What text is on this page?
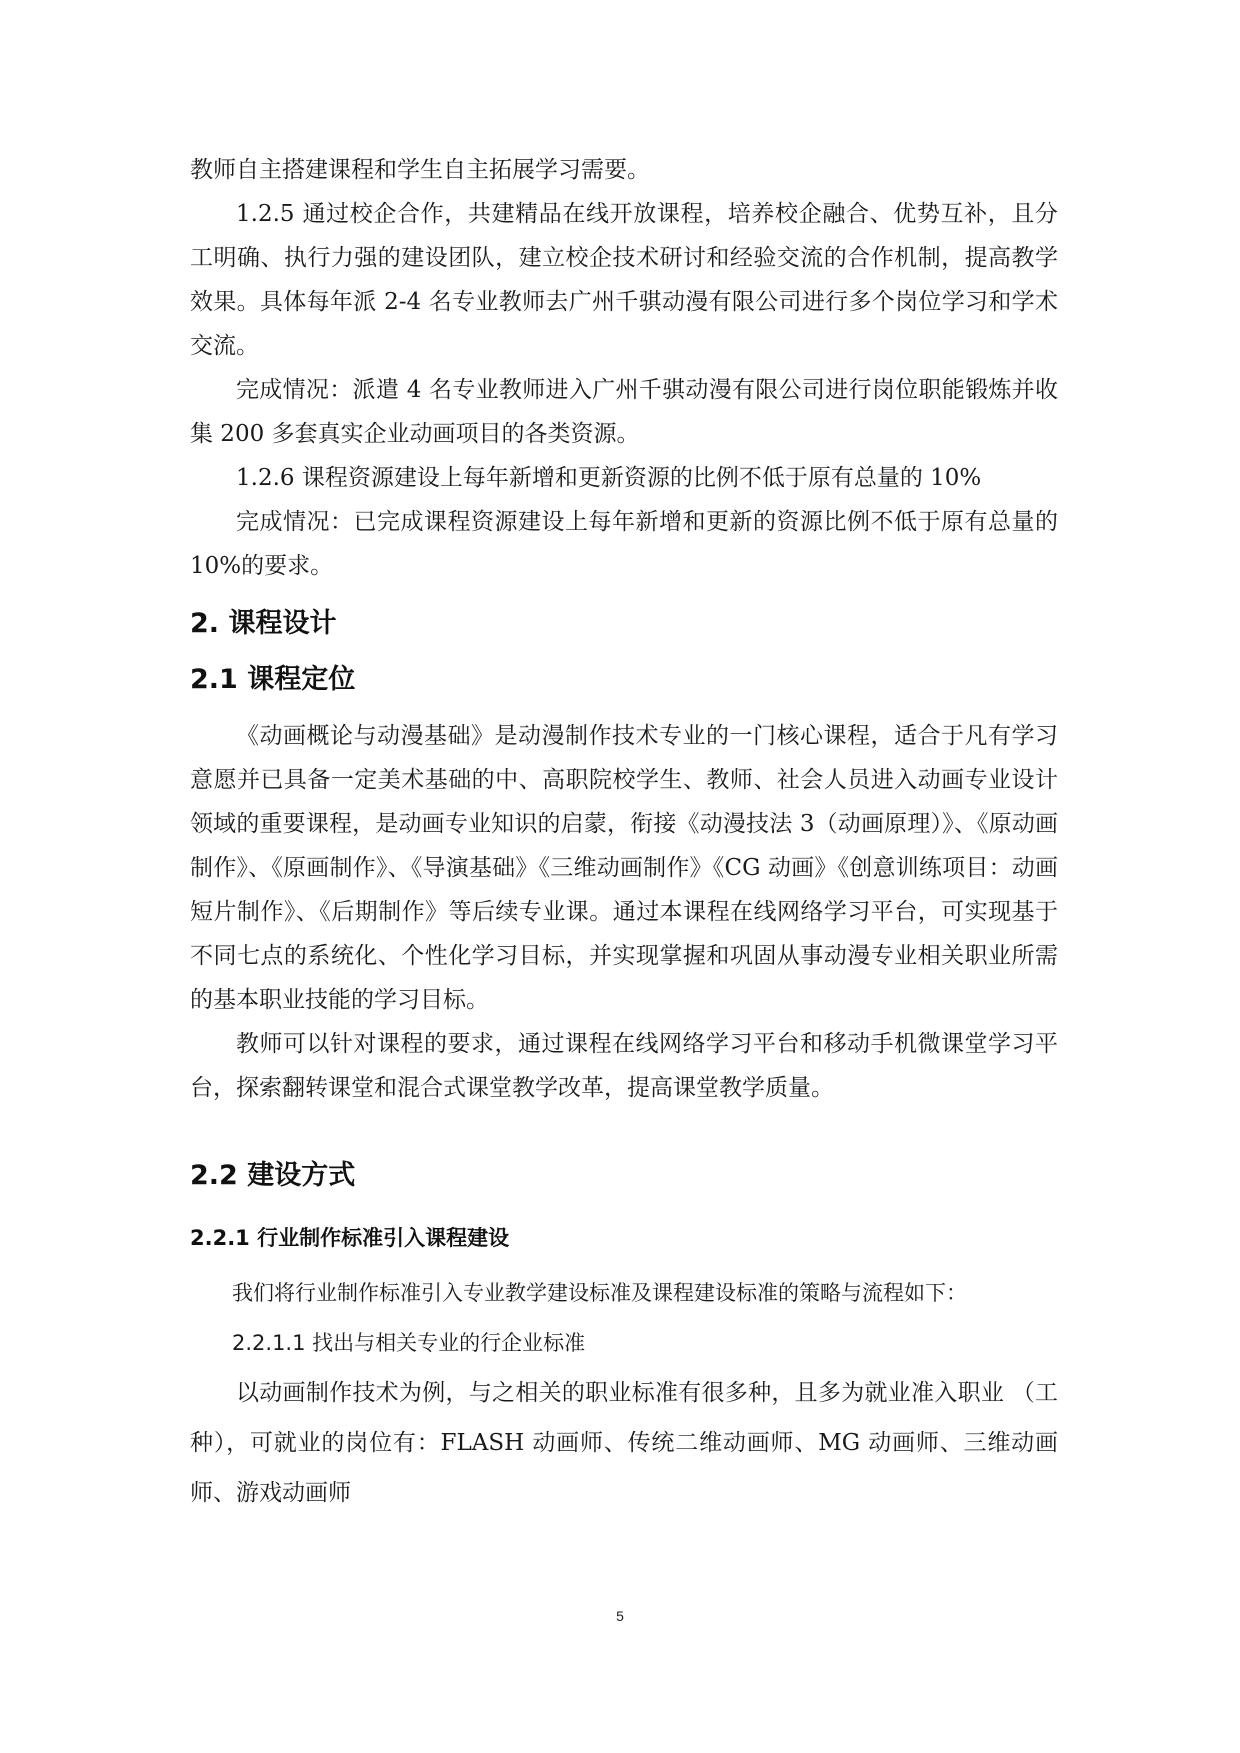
教师自主搭建课程和学生自主拓展学习需要。

1.2.5 通过校企合作，共建精品在线开放课程，培养校企融合、优势互补，且分工明确、执行力强的建设团队，建立校企技术研讨和经验交流的合作机制，提高教学效果。具体每年派 2-4 名专业教师去广州千骐动漫有限公司进行多个岗位学习和学术交流。

完成情况：派遣 4 名专业教师进入广州千骐动漫有限公司进行岗位职能锻炼并收集 200 多套真实企业动画项目的各类资源。

1.2.6 课程资源建设上每年新增和更新资源的比例不低于原有总量的 10%

完成情况：已完成课程资源建设上每年新增和更新的资源比例不低于原有总量的 10%的要求。

2. 课程设计
2.1 课程定位

《动画概论与动漫基础》是动漫制作技术专业的一门核心课程，适合于凡有学习意愿并已具备一定美术基础的中、高职院校学生、教师、社会人员进入动画专业设计领域的重要课程，是动画专业知识的启蒙，衔接《动漫技法 3（动画原理）》、《原动画制作》、《原画制作》、《导演基础》《三维动画制作》《CG 动画》《创意训练项目：动画短片制作》、《后期制作》等后续专业课。通过本课程在线网络学习平台，可实现基于不同七点的系统化、个性化学习目标，并实现掌握和巩固从事动漫专业相关职业所需的基本职业技能的学习目标。

教师可以针对课程的要求，通过课程在线网络学习平台和移动手机微课堂学习平台，探索翻转课堂和混合式课堂教学改革，提高课堂教学质量。

2.2 建设方式
2.2.1 行业制作标准引入课程建设

我们将行业制作标准引入专业教学建设标准及课程建设标准的策略与流程如下：

2.2.1.1 找出与相关专业的行企业标准

以动画制作技术为例，与之相关的职业标准有很多种，且多为就业准入职业 （工种），可就业的岗位有：FLASH 动画师、传统二维动画师、MG 动画师、三维动画师、游戏动画师

5
